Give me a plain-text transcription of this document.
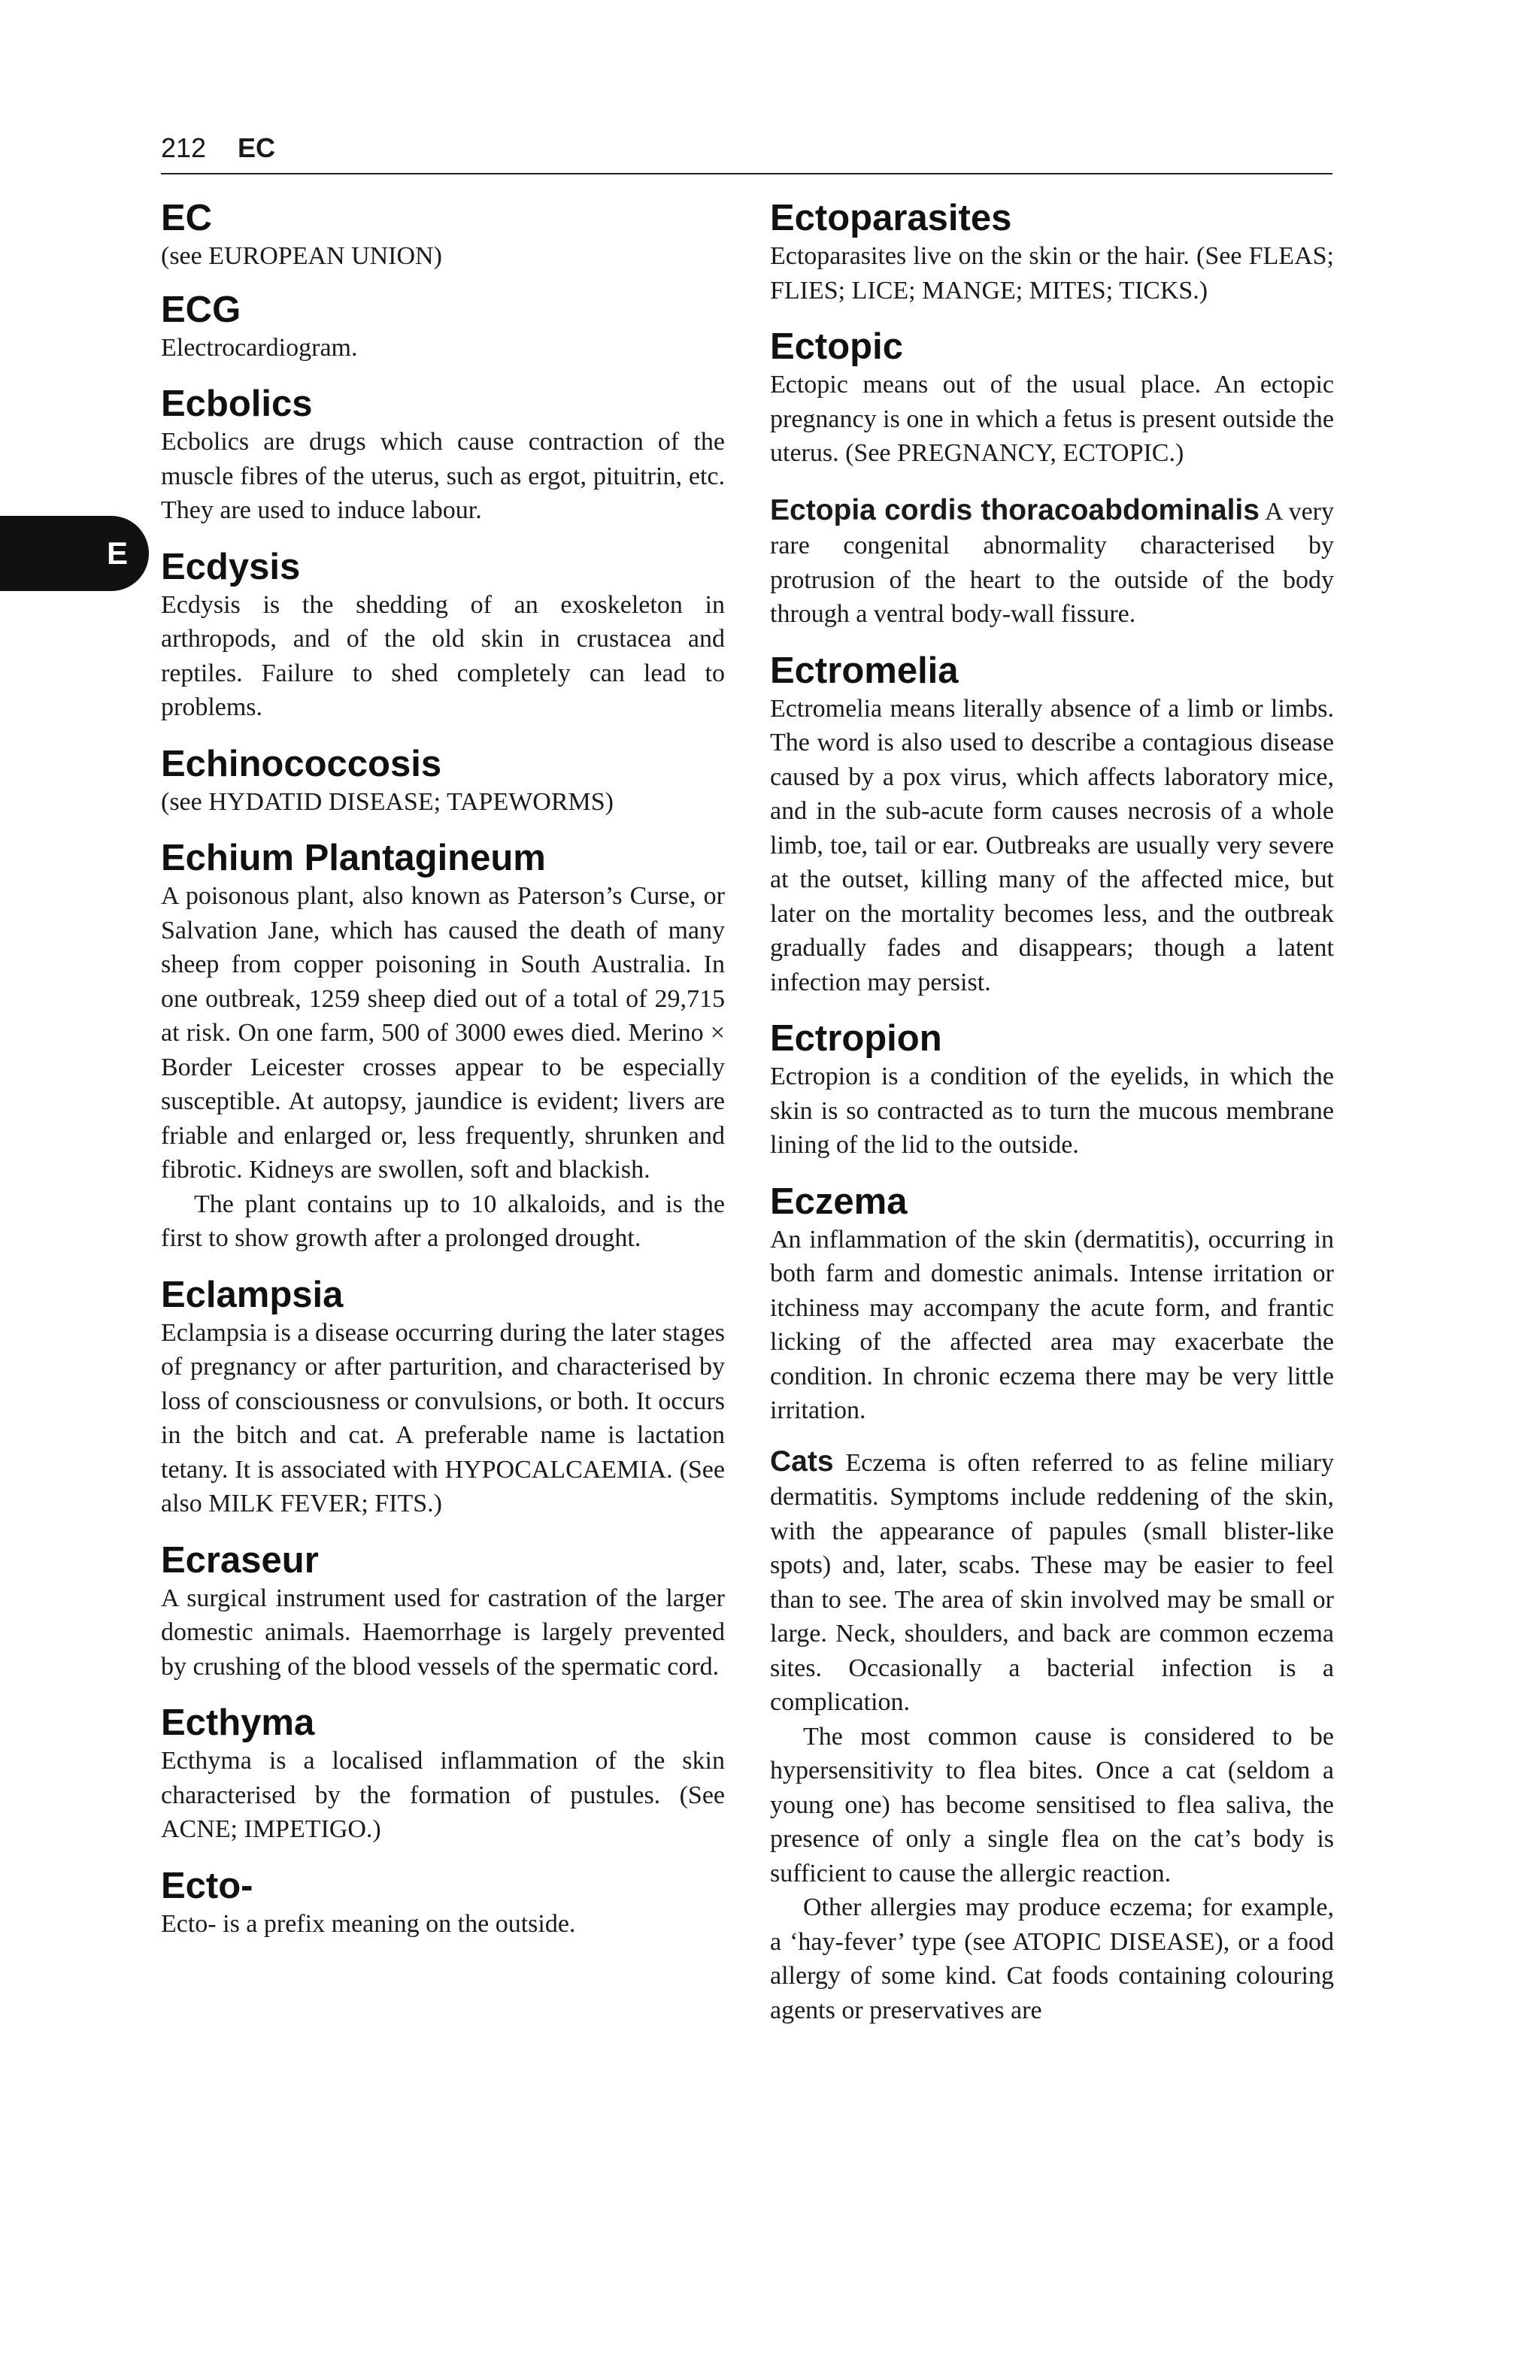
212 EC
E
EC

(see EUROPEAN UNION)

ECG

Electrocardiogram.

Ecbolics

Ecbolics are drugs which cause contraction of the muscle fibres of the uterus, such as ergot, pituitrin, etc. They are used to induce labour.

Ecdysis

Ecdysis is the shedding of an exoskeleton in arthropods, and of the old skin in crustacea and reptiles. Failure to shed completely can lead to problems.

Echinococcosis

(see HYDATID DISEASE; TAPEWORMS)

Echium Plantagineum

A poisonous plant, also known as Paterson’s Curse, or Salvation Jane, which has caused the death of many sheep from copper poisoning in South Australia. In one outbreak, 1259 sheep died out of a total of 29,715 at risk. On one farm, 500 of 3000 ewes died. Merino × Border Leicester crosses appear to be especially susceptible. At autopsy, jaundice is evident; livers are friable and enlarged or, less frequently, shrunken and fibrotic. Kidneys are swollen, soft and blackish.

The plant contains up to 10 alkaloids, and is the first to show growth after a prolonged drought.

Eclampsia

Eclampsia is a disease occurring during the later stages of pregnancy or after parturition, and characterised by loss of consciousness or convulsions, or both. It occurs in the bitch and cat. A preferable name is lactation tetany. It is associated with HYPOCALCAEMIA. (See also MILK FEVER; FITS.)

Ecraseur

A surgical instrument used for castration of the larger domestic animals. Haemorrhage is largely prevented by crushing of the blood vessels of the spermatic cord.

Ecthyma

Ecthyma is a localised inflammation of the skin characterised by the formation of pustules. (See ACNE; IMPETIGO.)

Ecto-

Ecto- is a prefix meaning on the outside.

Ectoparasites

Ectoparasites live on the skin or the hair. (See FLEAS; FLIES; LICE; MANGE; MITES; TICKS.)

Ectopic

Ectopic means out of the usual place. An ectopic pregnancy is one in which a fetus is present outside the uterus. (See PREGNANCY, ECTOPIC.)

Ectopia cordis thoracoabdominalis A very rare congenital abnormality characterised by protrusion of the heart to the outside of the body through a ventral body-wall fissure.

Ectromelia

Ectromelia means literally absence of a limb or limbs. The word is also used to describe a contagious disease caused by a pox virus, which affects laboratory mice, and in the sub-acute form causes necrosis of a whole limb, toe, tail or ear. Outbreaks are usually very severe at the outset, killing many of the affected mice, but later on the mortality becomes less, and the outbreak gradually fades and disappears; though a latent infection may persist.

Ectropion

Ectropion is a condition of the eyelids, in which the skin is so contracted as to turn the mucous membrane lining of the lid to the outside.

Eczema

An inflammation of the skin (dermatitis), occurring in both farm and domestic animals. Intense irritation or itchiness may accompany the acute form, and frantic licking of the affected area may exacerbate the condition. In chronic eczema there may be very little irritation.

Cats Eczema is often referred to as feline miliary dermatitis. Symptoms include reddening of the skin, with the appearance of papules (small blister-like spots) and, later, scabs. These may be easier to feel than to see. The area of skin involved may be small or large. Neck, shoulders, and back are common eczema sites. Occasionally a bacterial infection is a complication.

The most common cause is considered to be hypersensitivity to flea bites. Once a cat (seldom a young one) has become sensitised to flea saliva, the presence of only a single flea on the cat’s body is sufficient to cause the allergic reaction.

Other allergies may produce eczema; for example, a ‘hay-fever’ type (see ATOPIC DISEASE), or a food allergy of some kind. Cat foods containing colouring agents or preservatives are
